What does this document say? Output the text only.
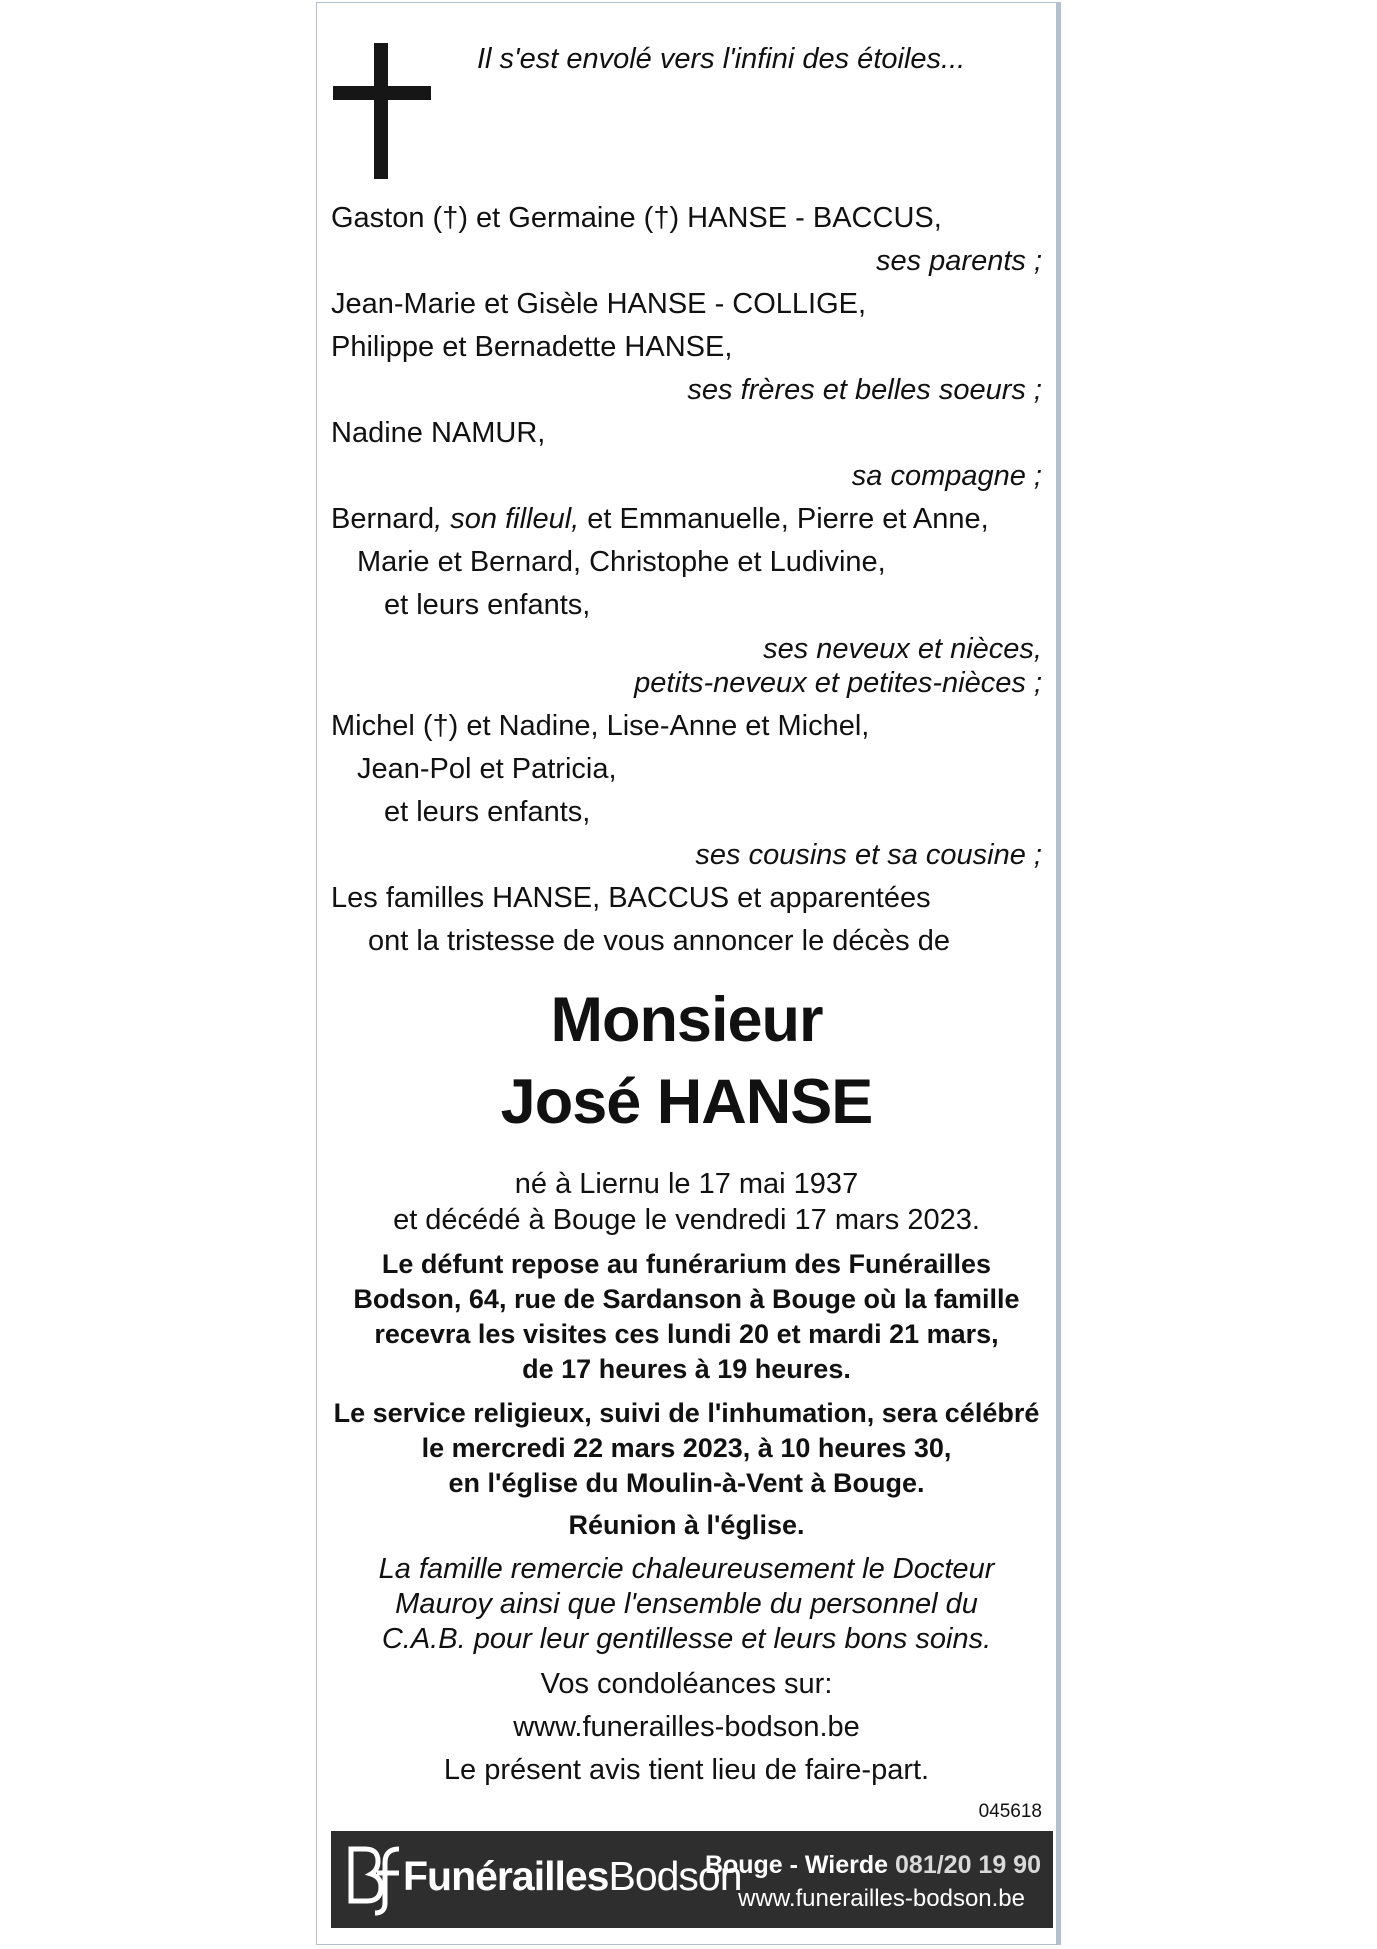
Il s'est envolé vers l'infini des étoiles...
Gaston (†) et Germaine (†) HANSE - BACCUS,
ses parents ;
Jean-Marie et Gisèle HANSE - COLLIGE,
Philippe et Bernadette HANSE,
ses frères et belles soeurs ;
Nadine NAMUR,
sa compagne ;
Bernard, son filleul, et Emmanuelle, Pierre et Anne,
Marie et Bernard, Christophe et Ludivine,
et leurs enfants,
ses neveux et nièces,
petits-neveux et petites-nièces ;
Michel (†) et Nadine, Lise-Anne et Michel,
Jean-Pol et Patricia,
et leurs enfants,
ses cousins et sa cousine ;
Les familles HANSE, BACCUS et apparentées
ont la tristesse de vous annoncer le décès de
Monsieur
José HANSE
né à Liernu le 17 mai 1937
et décédé à Bouge le vendredi 17 mars 2023.
Le défunt repose au funérarium des Funérailles
Bodson, 64, rue de Sardanson à Bouge où la famille
recevra les visites ces lundi 20 et mardi 21 mars,
de 17 heures à 19 heures.
Le service religieux, suivi de l'inhumation, sera célébré
le mercredi 22 mars 2023, à 10 heures 30,
en l'église du Moulin-à-Vent à Bouge.
Réunion à l'église.
La famille remercie chaleureusement le Docteur
Mauroy ainsi que l'ensemble du personnel du
C.A.B. pour leur gentillesse et leurs bons soins.
Vos condoléances sur:
www.funerailles-bodson.be
Le présent avis tient lieu de faire-part.
045618
FunéraillesBodson
Bouge - Wierde 081/20 19 90
www.funerailles-bodson.be
